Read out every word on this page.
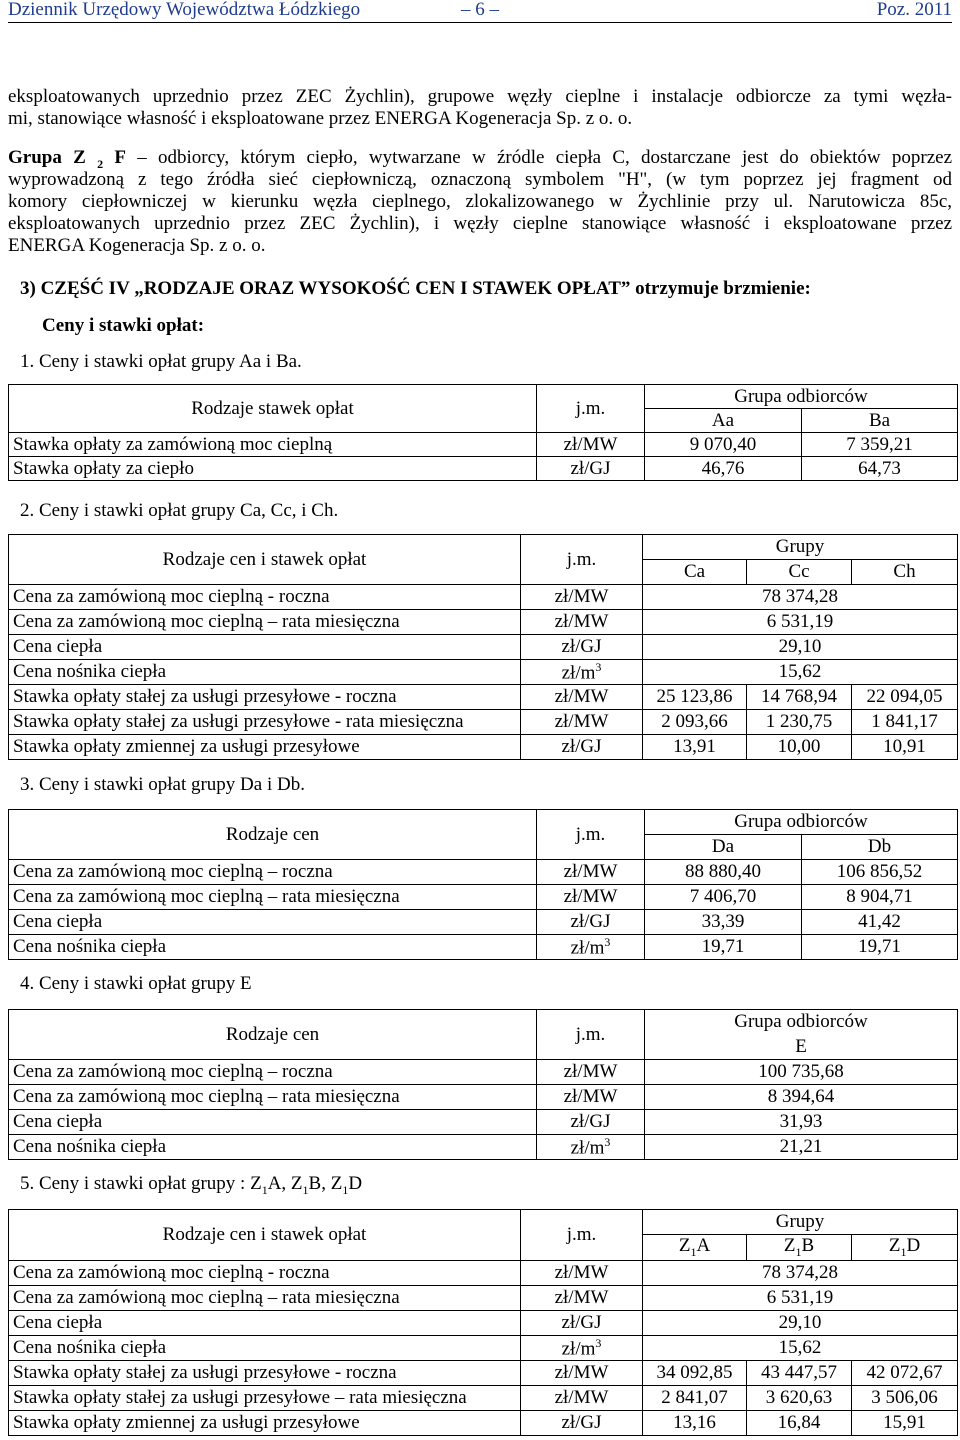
Dziennik Urzędowy Województwa Łódzkiego	– 6 –	Poz. 2011
eksploatowanych uprzednio przez ZEC Żychlin), grupowe węzły cieplne i instalacje odbiorcze za tymi węzła-
mi, stanowiące własność i eksploatowane przez ENERGA Kogeneracja Sp. z o. o.
Grupa Z $_2$ F – odbiorcy, którym ciepło, wytwarzane w źródle ciepła C, dostarczane jest do obiektów poprzez
wyprowadzoną z tego źródła sieć ciepłowniczą, oznaczoną symbolem "H", (w tym poprzez jej fragment od
komory ciepłowniczej w kierunku węzła cieplnego, zlokalizowanego w Żychlinie przy ul. Narutowicza 85c,
eksploatowanych uprzednio przez ZEC Żychlin), i węzły cieplne stanowiące własność i eksploatowane przez
ENERGA Kogeneracja Sp. z o. o.
3) CZĘŚĆ IV „RODZAJE ORAZ WYSOKOŚĆ CEN I STAWEK OPŁAT” otrzymuje brzmienie:
Ceny i stawki opłat:
1. Ceny i stawki opłat grupy Aa i Ba.
Rodzaje stawek opłat	j.m.	Grupa odbiorców	
		Aa	Ba
Stawka opłaty za zamówioną moc cieplną	zł/MW	9 070,40	7 359,21
Stawka opłaty za ciepło	zł/GJ	46,76	64,73
2. Ceny i stawki opłat grupy Ca, Cc, i Ch.
Rodzaje cen i stawek opłat	j.m.	Grupy		
		Ca	Cc	Ch
Cena za zamówioną moc cieplną - roczna	zł/MW	78 374,28		
Cena za zamówioną moc cieplną – rata miesięczna	zł/MW	6 531,19		
Cena ciepła	zł/GJ	29,10		
Cena nośnika ciepła	$zł/m^3$	15,62		
Stawka opłaty stałej za usługi przesyłowe - roczna	zł/MW	25 123,86	14 768,94	22 094,05
Stawka opłaty stałej za usługi przesyłowe - rata miesięczna	zł/MW	2 093,66	1 230,75	1 841,17
Stawka opłaty zmiennej za usługi przesyłowe	zł/GJ	13,91	10,00	10,91
3. Ceny i stawki opłat grupy Da i Db.
Rodzaje cen	j.m.	Grupa odbiorców	
		Da	Db
Cena za zamówioną moc cieplną – roczna	zł/MW	88 880,40	106 856,52
Cena za zamówioną moc cieplną – rata miesięczna	zł/MW	7 406,70	8 904,71
Cena ciepła	zł/GJ	33,39	41,42
Cena nośnika ciepła	$zł/m^3$	19,71	19,71
4. Ceny i stawki opłat grupy E
Rodzaje cen	j.m.	Grupa odbiorców
		E
Cena za zamówioną moc cieplną – roczna	zł/MW	100 735,68
Cena za zamówioną moc cieplną – rata miesięczna	zł/MW	8 394,64
Cena ciepła	zł/GJ	31,93
Cena nośnika ciepła	$zł/m^3$	21,21
5. Ceny i stawki opłat grupy : $Z_1A$, $Z_1B$, $Z_1D$
Rodzaje cen i stawek opłat	j.m.	Grupy		
		$Z_1A$	$Z_1B$	$Z_1D$
Cena za zamówioną moc cieplną - roczna	zł/MW	78 374,28		
Cena za zamówioną moc cieplną – rata miesięczna	zł/MW	6 531,19		
Cena ciepła	zł/GJ	29,10		
Cena nośnika ciepła	$zł/m^3$	15,62		
Stawka opłaty stałej za usługi przesyłowe - roczna	zł/MW	34 092,85	43 447,57	42 072,67
Stawka opłaty stałej za usługi przesyłowe – rata miesięczna	zł/MW	2 841,07	3 620,63	3 506,06
Stawka opłaty zmiennej za usługi przesyłowe	zł/GJ	13,16	16,84	15,91
